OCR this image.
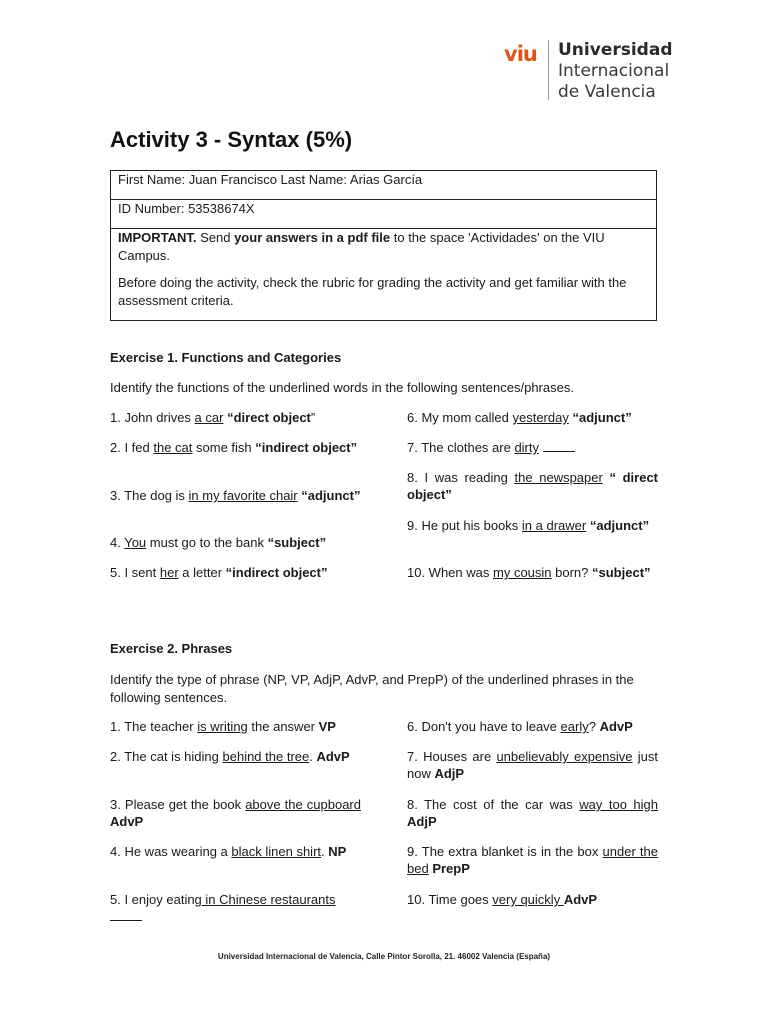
viu Universidad
Internacional
de Valencia
Activity 3 - Syntax (5%)
First Name: Juan Francisco Last Name: Arias García
ID Number: 53538674X

IMPORTANT. Send your answers in a pdf file to the space 'Actividades' on the VIU Campus.

Before doing the activity, check the rubric for grading the activity and get familiar with the assessment criteria.

Exercise 1. Functions and Categories
Identify the functions of the underlined words in the following sentences/phrases.
1. John drives a car “direct object”
2. I fed the cat some fish “indirect object”
3. The dog is in my favorite chair “adjunct”
4. You must go to the bank “subject”
5. I sent her a letter “indirect object”
6. My mom called yesterday “adjunct”
7. The clothes are dirty
8. I was reading the newspaper “ direct object”
9. He put his books in a drawer “adjunct”
10. When was my cousin born? “subject”
Exercise 2. Phrases
Identify the type of phrase (NP, VP, AdjP, AdvP, and PrepP) of the underlined phrases in the following sentences.
1. The teacher is writing the answer VP
2. The cat is hiding behind the tree. AdvP
3. Please get the book above the cupboard AdvP
4. He was wearing a black linen shirt. NP
5. I enjoy eating in Chinese restaurants

6. Don't you have to leave early? AdvP
7. Houses are unbelievably expensive just now AdjP
8. The cost of the car was way too high AdjP
9. The extra blanket is in the box under the bed PrepP
10. Time goes very quickly AdvP
Universidad Internacional de Valencia, Calle Pintor Sorolla, 21. 46002 Valencia (España)
